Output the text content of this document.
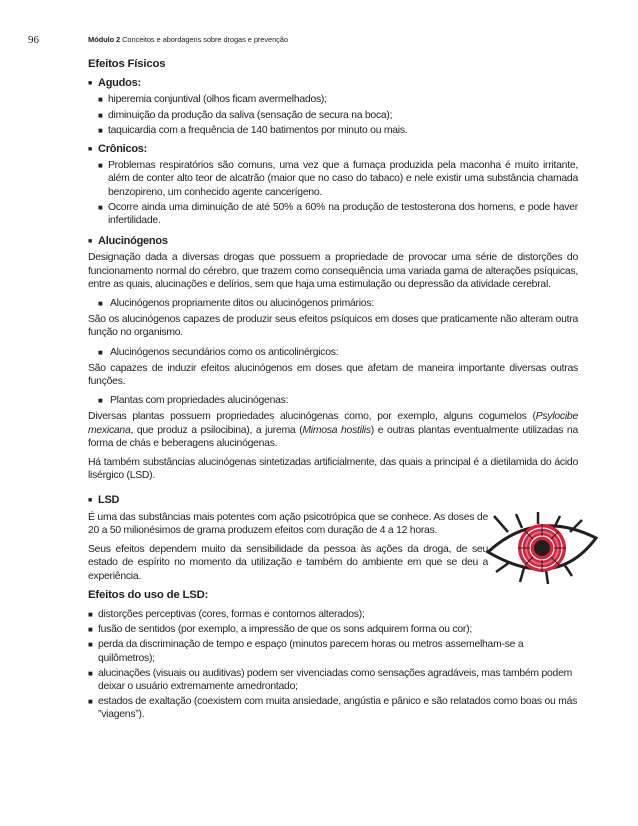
96	Módulo 2 Conceitos e abordagens sobre drogas e prevenção
Efeitos Físicos
■ Agudos:
■ hiperemia conjuntival (olhos ficam avermelhados);
■ diminuição da produção da saliva (sensação de secura na boca);
■ taquicardia com a frequência de 140 batimentos por minuto ou mais.
■ Crônicos:
■ Problemas respiratórios são comuns, uma vez que a fumaça produzida pela maconha é muito irritante, além de conter alto teor de alcatrão (maior que no caso do tabaco) e nele existir uma substância chamada benzopireno, um conhecido agente cancerígeno.
■ Ocorre ainda uma diminuição de até 50% a 60% na produção de testosterona dos homens, e pode haver infertilidade.
■ Alucinógenos

Designação dada a diversas drogas que possuem a propriedade de provocar uma série de distorções do funcionamento normal do cérebro, que trazem como consequência uma variada gama de alterações psíquicas, entre as quais, alucinações e delírios, sem que haja uma estimulação ou depressão da atividade cerebral.

■ Alucinógenos propriamente ditos ou alucinógenos primários:

São os alucinógenos capazes de produzir seus efeitos psíquicos em doses que praticamente não alteram outra função no organismo.

■ Alucinógenos secundários como os anticolinérgicos:

São capazes de induzir efeitos alucinógenos em doses que afetam de maneira importante diversas outras funções.

■ Plantas com propriedades alucinógenas:

Diversas plantas possuem propriedades alucinógenas como, por exemplo, alguns cogumelos (Psylocibe mexicana, que produz a psilocibina), a jurema (Mimosa hostilis) e outras plantas eventualmente utilizadas na forma de chás e beberagens alucinógenas.

Há também substâncias alucinógenas sintetizadas artificialmente, das quais a principal é a dietilamida do ácido lisérgico (LSD).

■ LSD

É uma das substâncias mais potentes com ação psicotrópica que se conhece. As doses de 20 a 50 milionésimos de grama produzem efeitos com duração de 4 a 12 horas.

Seus efeitos dependem muito da sensibilidade da pessoa às ações da droga, de seu estado de espírito no momento da utilização e também do ambiente em que se deu a experiência.

Efeitos do uso de LSD:
■ distorções perceptivas (cores, formas e contornos alterados);
■ fusão de sentidos (por exemplo, a impressão de que os sons adquirem forma ou cor);
■ perda da discriminação de tempo e espaço (minutos parecem horas ou metros assemelham-se a quilômetros);
■ alucinações (visuais ou auditivas) podem ser vivenciadas como sensações agradáveis, mas também podem deixar o usuário extremamente amedrontado;
■ estados de exaltação (coexistem com muita ansiedade, angústia e pânico e são relatados como boas ou más ”viagens”).
